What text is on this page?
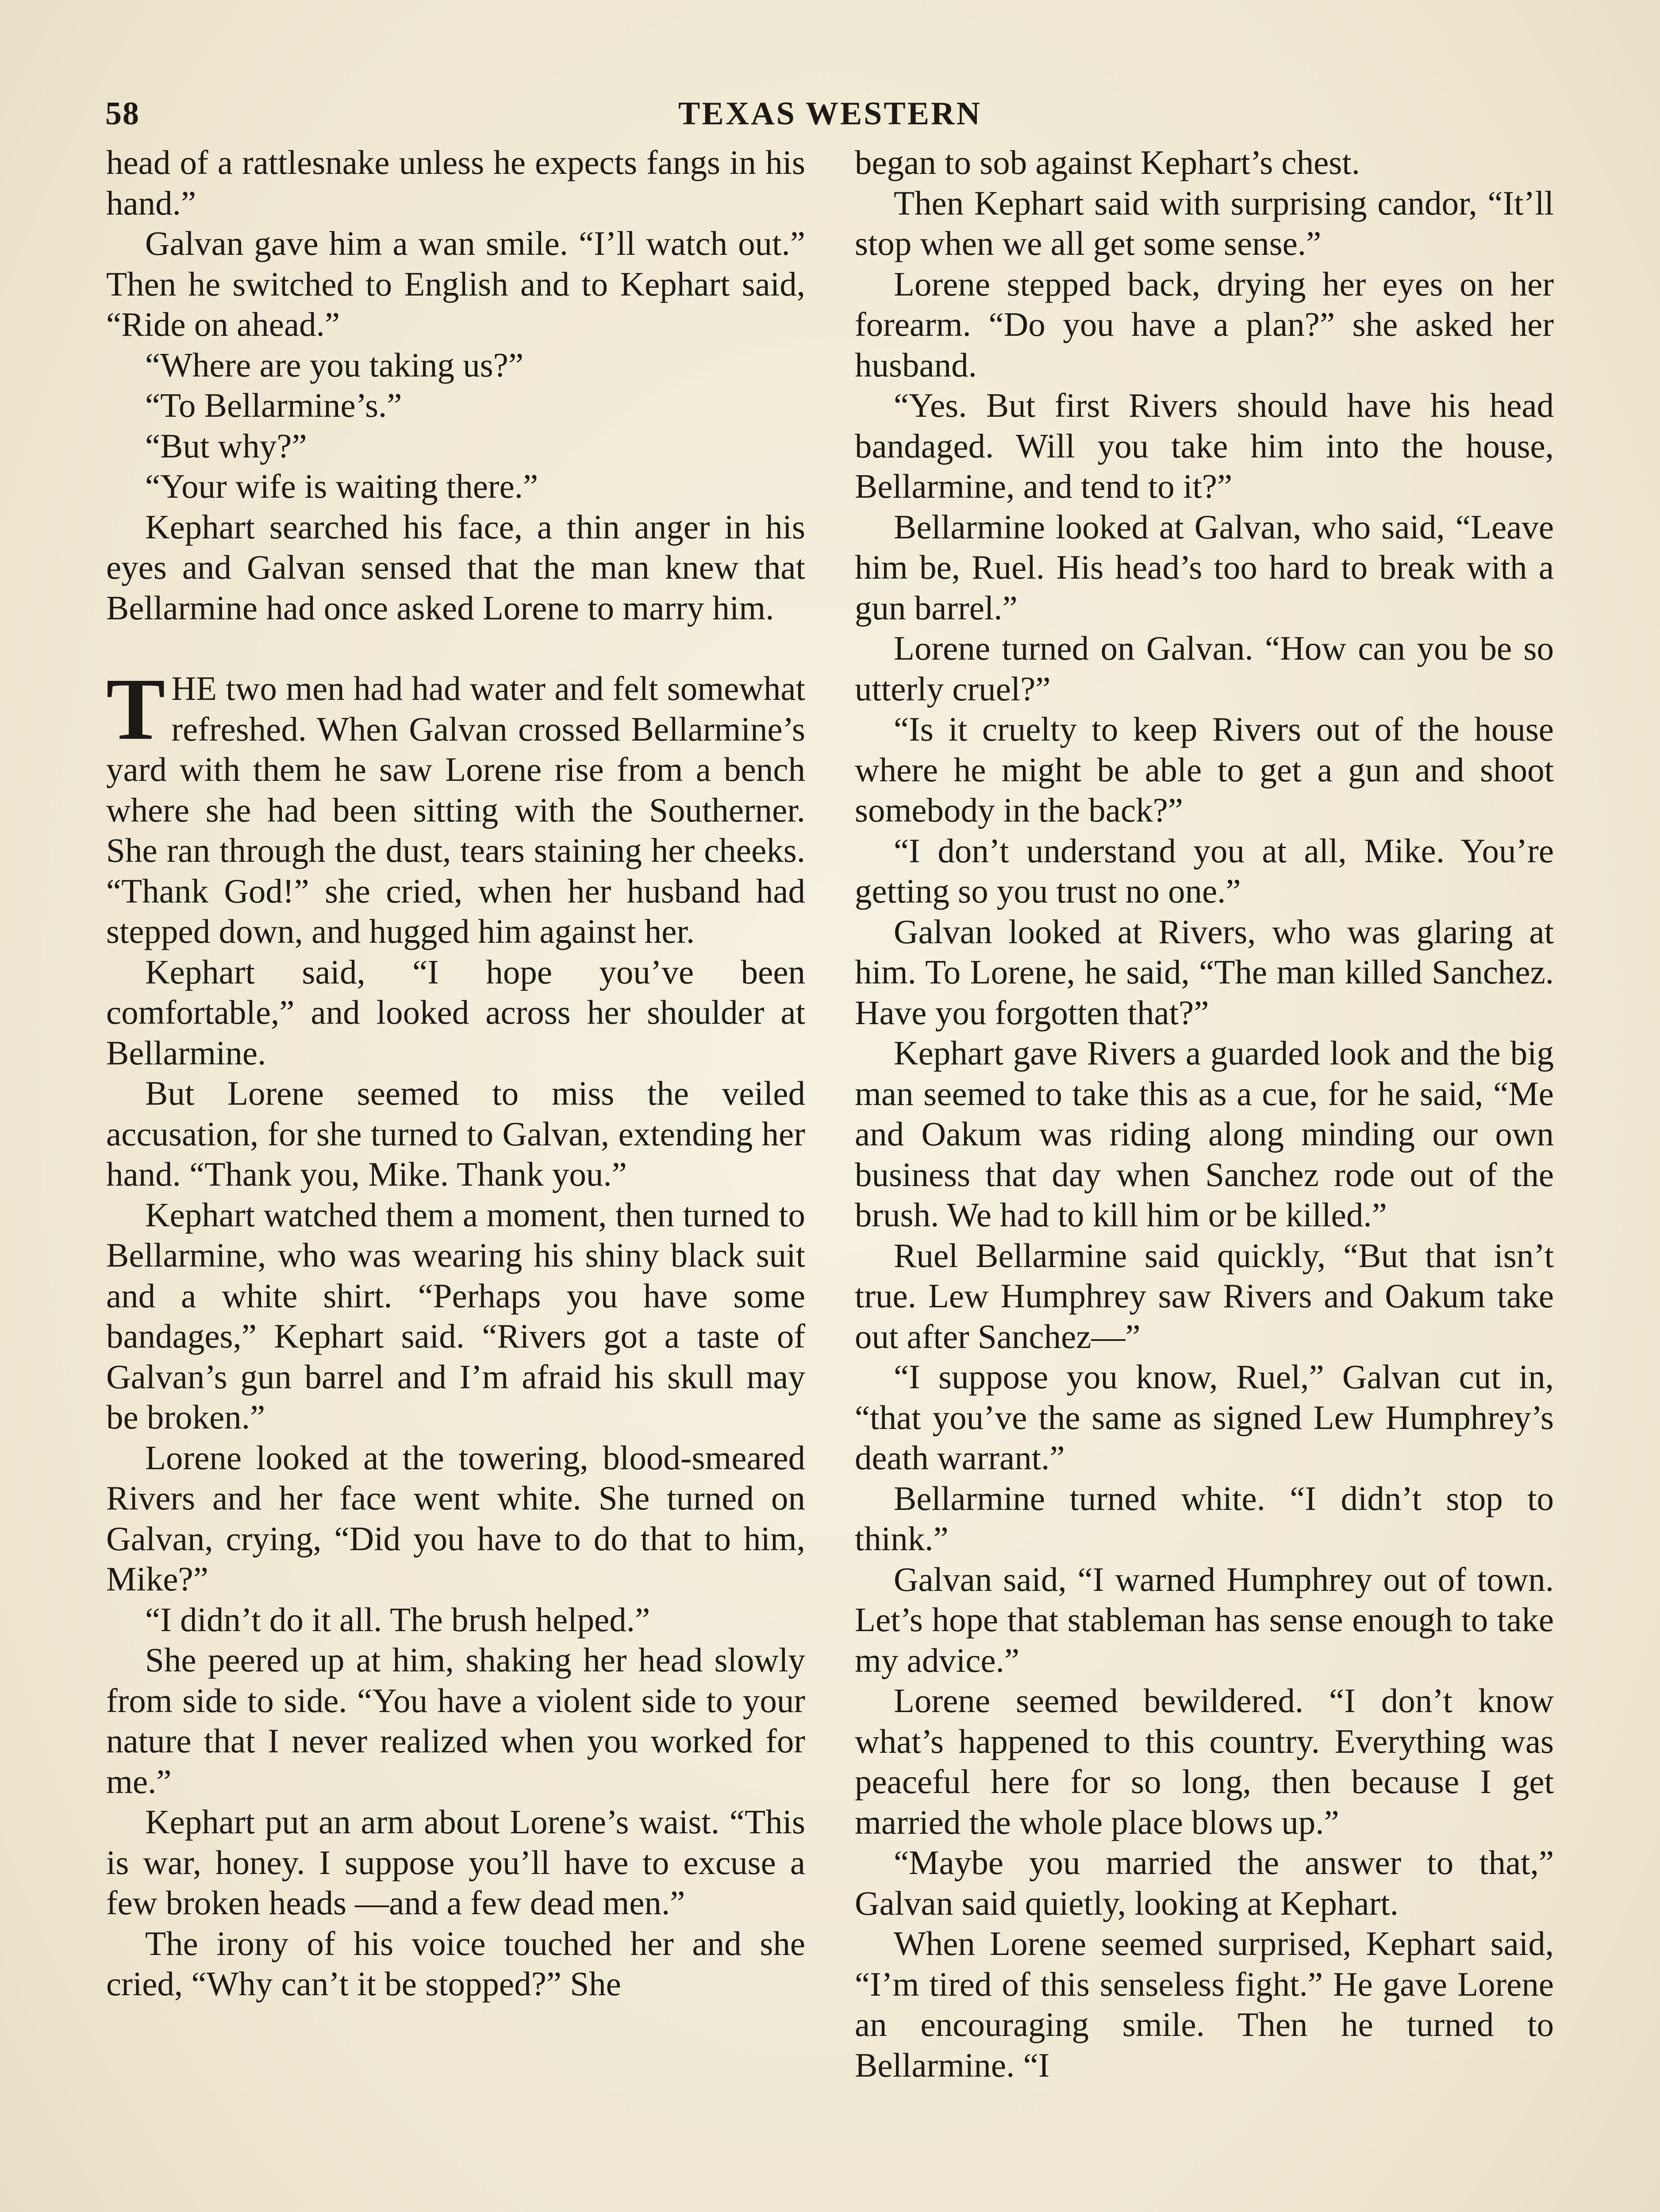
58	TEXAS WESTERN

head of a rattlesnake unless he expects fangs in his hand.”

Galvan gave him a wan smile. “I’ll watch out.” Then he switched to English and to Kephart said, “Ride on ahead.”

“Where are you taking us?”

“To Bellarmine’s.”

“But why?”

“Your wife is waiting there.”

Kephart searched his face, a thin anger in his eyes and Galvan sensed that the man knew that Bellarmine had once asked Lorene to marry him.

THE two men had had water and felt somewhat refreshed. When Galvan crossed Bellarmine’s yard with them he saw Lorene rise from a bench where she had been sitting with the Southerner. She ran through the dust, tears staining her cheeks. “Thank God!” she cried, when her husband had stepped down, and hugged him against her.

Kephart said, “I hope you’ve been comfortable,” and looked across her shoulder at Bellarmine.

But Lorene seemed to miss the veiled accusation, for she turned to Galvan, extending her hand. “Thank you, Mike. Thank you.”

Kephart watched them a moment, then turned to Bellarmine, who was wearing his shiny black suit and a white shirt. “Perhaps you have some bandages,” Kephart said. “Rivers got a taste of Galvan’s gun barrel and I’m afraid his skull may be broken.”

Lorene looked at the towering, blood-smeared Rivers and her face went white. She turned on Galvan, crying, “Did you have to do that to him, Mike?”

“I didn’t do it all. The brush helped.”

She peered up at him, shaking her head slowly from side to side. “You have a violent side to your nature that I never realized when you worked for me.”

Kephart put an arm about Lorene’s waist. “This is war, honey. I suppose you’ll have to excuse a few broken heads —and a few dead men.”

The irony of his voice touched her and she cried, “Why can’t it be stopped?” She

began to sob against Kephart’s chest.

Then Kephart said with surprising candor, “It’ll stop when we all get some sense.”

Lorene stepped back, drying her eyes on her forearm. “Do you have a plan?” she asked her husband.

“Yes. But first Rivers should have his head bandaged. Will you take him into the house, Bellarmine, and tend to it?”

Bellarmine looked at Galvan, who said, “Leave him be, Ruel. His head’s too hard to break with a gun barrel.”

Lorene turned on Galvan. “How can you be so utterly cruel?”

“Is it cruelty to keep Rivers out of the house where he might be able to get a gun and shoot somebody in the back?”

“I don’t understand you at all, Mike. You’re getting so you trust no one.”

Galvan looked at Rivers, who was glaring at him. To Lorene, he said, “The man killed Sanchez. Have you forgotten that?”

Kephart gave Rivers a guarded look and the big man seemed to take this as a cue, for he said, “Me and Oakum was riding along minding our own business that day when Sanchez rode out of the brush. We had to kill him or be killed.”

Ruel Bellarmine said quickly, “But that isn’t true. Lew Humphrey saw Rivers and Oakum take out after Sanchez—”

“I suppose you know, Ruel,” Galvan cut in, “that you’ve the same as signed Lew Humphrey’s death warrant.”

Bellarmine turned white. “I didn’t stop to think.”

Galvan said, “I warned Humphrey out of town. Let’s hope that stableman has sense enough to take my advice.”

Lorene seemed bewildered. “I don’t know what’s happened to this country. Everything was peaceful here for so long, then because I get married the whole place blows up.”

“Maybe you married the answer to that,” Galvan said quietly, looking at Kephart.

When Lorene seemed surprised, Kephart said, “I’m tired of this senseless fight.” He gave Lorene an encouraging smile. Then he turned to Bellarmine. “I
